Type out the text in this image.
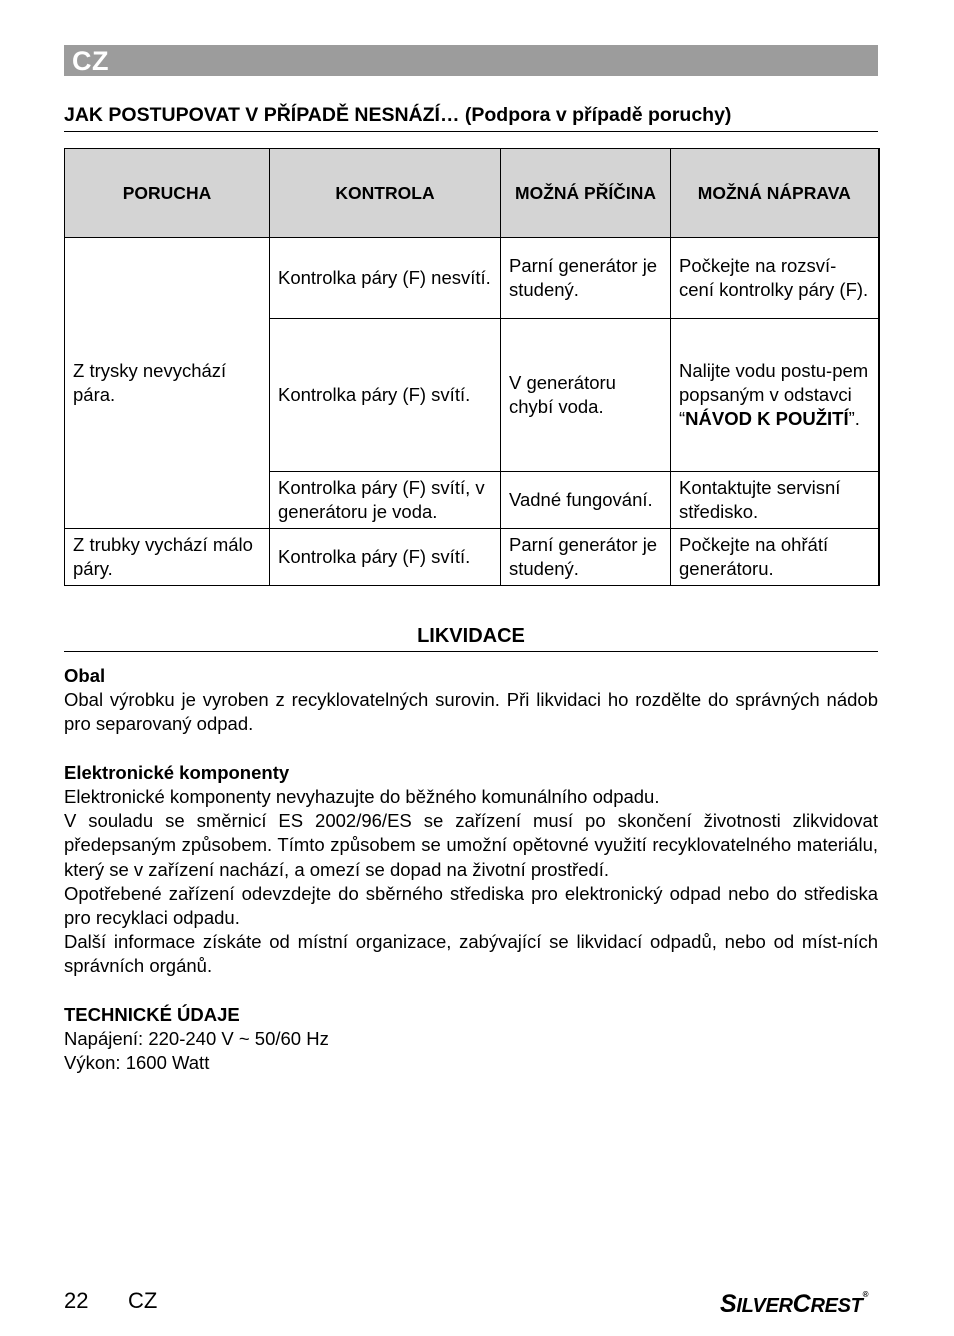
CZ
JAK POSTUPOVAT V PŘÍPADĚ NESNÁZÍ… (Podpora v případě poruchy)
PORUCHA	KONTROLA	MOŽNÁ PŘÍČINA	MOŽNÁ NÁPRAVA
Z trysky nevychází pára.	Kontrolka páry (F) nesvítí.	Parní generátor je studený.	Počkejte na rozsví-cení kontrolky páry (F).
	Kontrolka páry (F) svítí.	V generátoru chybí voda.	Nalijte vodu postu-pem popsaným v odstavci “NÁVOD K POUŽITÍ”.
	Kontrolka páry (F) svítí, v generátoru je voda.	Vadné fungování.	Kontaktujte servisní středisko.
Z trubky vychází málo páry.	Kontrolka páry (F) svítí.	Parní generátor je studený.	Počkejte na ohřátí generátoru.
LIKVIDACE
Obal

Obal výrobku je vyroben z recyklovatelných surovin. Při likvidaci ho rozdělte do správných nádob pro separovaný odpad.

Elektronické komponenty

Elektronické komponenty nevyhazujte do běžného komunálního odpadu.

V souladu se směrnicí ES 2002/96/ES se zařízení musí po skončení životnosti zlikvidovat předepsaným způsobem. Tímto způsobem se umožní opětovné využití recyklovatelného materiálu, který se v zařízení nachází, a omezí se dopad na životní prostředí.

Opotřebené zařízení odevzdejte do sběrného střediska pro elektronický odpad nebo do střediska pro recyklaci odpadu.

Další informace získáte od místní organizace, zabývající se likvidací odpadů, nebo od míst-ních správních orgánů.

TECHNICKÉ ÚDAJE

Napájení: 220-240 V ~ 50/60 Hz

Výkon: 1600 Watt

22 CZ	SILVERCREST®
